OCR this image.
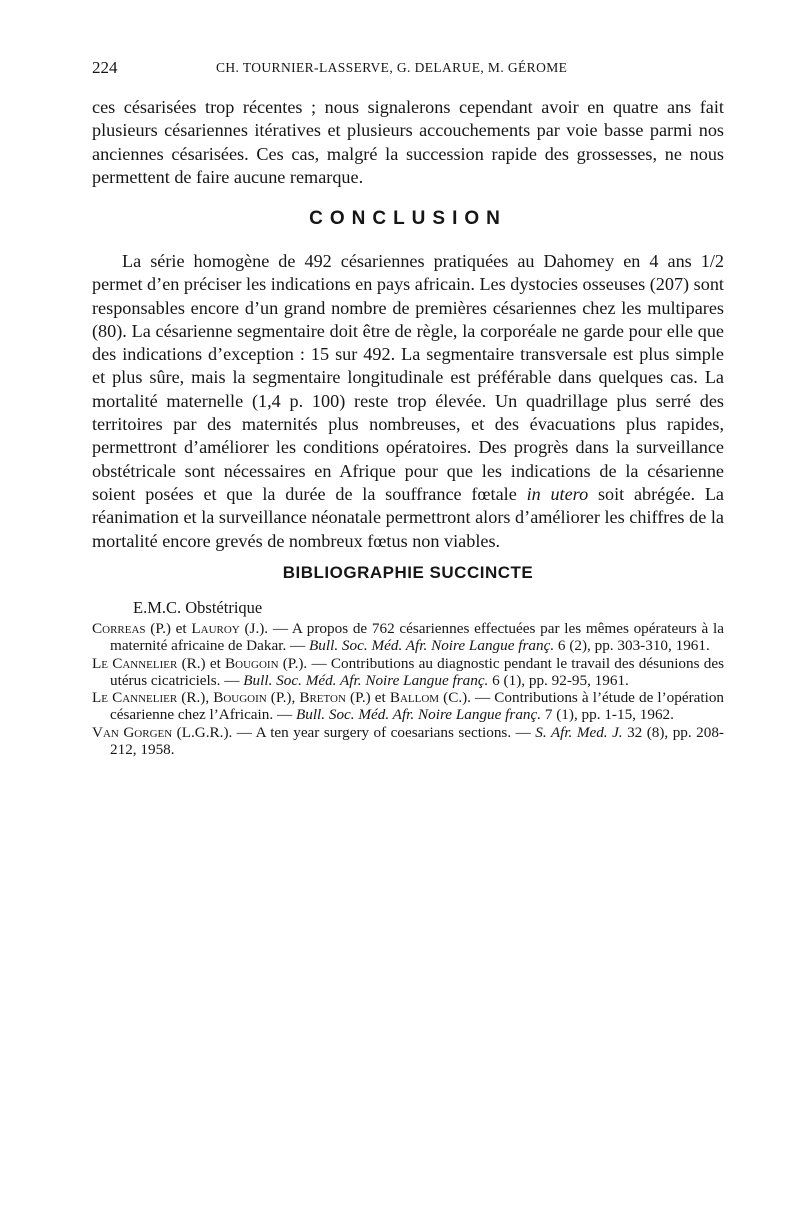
224	CH. TOURNIER-LASSERVE, G. DELARUE, M. GÉROME

ces césarisées trop récentes ; nous signalerons cependant avoir en quatre ans fait plusieurs césariennes itératives et plusieurs accouchements par voie basse parmi nos anciennes césarisées. Ces cas, malgré la succession rapide des grossesses, ne nous permettent de faire aucune remarque.

CONCLUSION

La série homogène de 492 césariennes pratiquées au Dahomey en 4 ans 1/2 permet d’en préciser les indications en pays africain. Les dystocies osseuses (207) sont responsables encore d’un grand nombre de premières césariennes chez les multipares (80). La césarienne segmentaire doit être de règle, la corporéale ne garde pour elle que des indications d’exception : 15 sur 492. La segmentaire transversale est plus simple et plus sûre, mais la segmentaire longitudinale est préférable dans quelques cas. La mortalité maternelle (1,4 p. 100) reste trop élevée. Un quadrillage plus serré des territoires par des maternités plus nombreuses, et des évacuations plus rapides, permettront d’améliorer les conditions opératoires. Des progrès dans la surveillance obstétricale sont nécessaires en Afrique pour que les indications de la césarienne soient posées et que la durée de la souffrance fœtale in utero soit abrégée. La réanimation et la surveillance néonatale permettront alors d’améliorer les chiffres de la mortalité encore grevés de nombreux fœtus non viables.

BIBLIOGRAPHIE SUCCINCTE

E.M.C. Obstétrique

Correas (P.) et Lauroy (J.). — A propos de 762 césariennes effectuées par les mêmes opérateurs à la maternité africaine de Dakar. — Bull. Soc. Méd. Afr. Noire Langue franç. 6 (2), pp. 303-310, 1961.
Le Cannelier (R.) et Bougoin (P.). — Contributions au diagnostic pendant le travail des désunions des utérus cicatriciels. — Bull. Soc. Méd. Afr. Noire Langue franç. 6 (1), pp. 92-95, 1961.
Le Cannelier (R.), Bougoin (P.), Breton (P.) et Ballom (C.). — Contributions à l’étude de l’opération césarienne chez l’Africain. — Bull. Soc. Méd. Afr. Noire Langue franç. 7 (1), pp. 1-15, 1962.
Van Gorgen (L.G.R.). — A ten year surgery of coesarians sections. — S. Afr. Med. J. 32 (8), pp. 208-212, 1958.
